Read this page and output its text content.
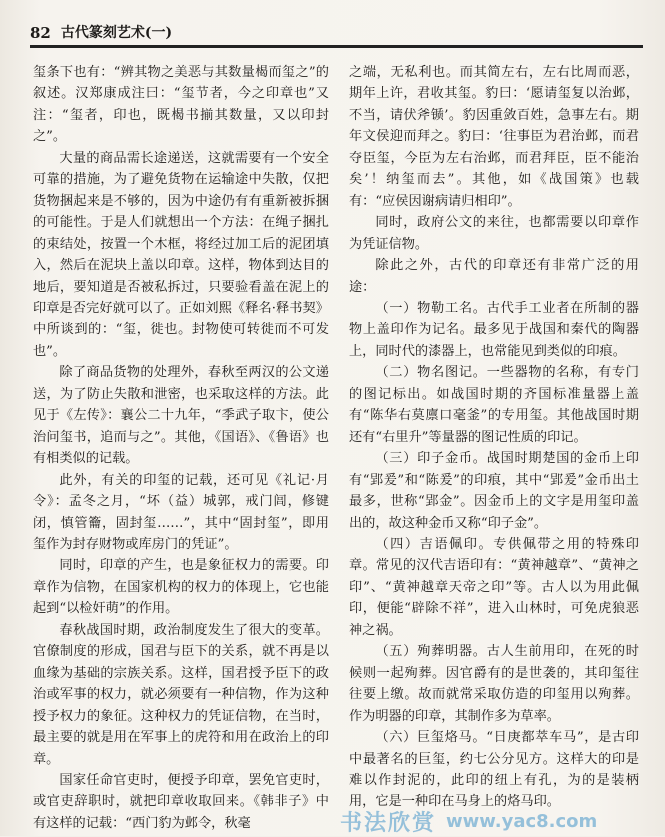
82 古代篆刻艺术(一)

玺条下也有：“辨其物之美恶与其数量楬而玺之”的叙述。汉郑康成注曰：“玺节者，今之印章也”又注：“玺者，印也，既楬书揃其数量，又以印封之”。

大量的商品需长途递送，这就需要有一个安全可靠的措施，为了避免货物在运输途中失散，仅把货物捆起来是不够的，因为中途仍有有重新被拆捆的可能性。于是人们就想出一个方法：在绳子捆扎的束结处，按置一个木框，将经过加工后的泥团填入，然后在泥块上盖以印章。这样，物体到达目的地后，要知道是否被私拆过，只要验看盖在泥上的印章是否完好就可以了。正如刘熙《释名·释书契》中所谈到的：“玺，徙也。封物使可转徙而不可发也”。

除了商品货物的处理外，春秋至两汉的公文递送，为了防止失散和泄密，也采取这样的方法。此见于《左传》：襄公二十九年，“季武子取卞，使公治问玺书，追而与之”。其他，《国语》、《鲁语》也有相类似的记载。

此外，有关的印玺的记载，还可见《礼记·月令》：孟冬之月，“坏（益）城郭，戒门闾，修键闭，慎管籥，固封玺……”，其中“固封玺”，即用玺作为封存财物或库房门的凭证”。

同时，印章的产生，也是象征权力的需要。印章作为信物，在国家机构的权力的体现上，它也能起到“以检奸萌”的作用。

春秋战国时期，政治制度发生了很大的变革。官僚制度的形成，国君与臣下的关系，就不再是以血缘为基础的宗族关系。这样，国君授予臣下的政治或军事的权力，就必须要有一种信物，作为这种授予权力的象征。这种权力的凭证信物，在当时，最主要的就是用在军事上的虎符和用在政治上的印章。

国家任命官吏时，便授予印章，罢免官吏时，或官吏辞职时，就把印章收取回来。《韩非子》中有这样的记载：“西门豹为邺令，秋毫

之端，无私利也。而其简左右，左右比周而恶，期年上许，君收其玺。豹曰：‘愿请玺复以治邺，不当，请伏斧锧’。豹因重敛百姓，急事左右。期年文侯迎而拜之。豹曰：‘往事臣为君治邺，而君夺臣玺，今臣为左右治邺，而君拜臣，臣不能治矣’！纳玺而去”。其他，如《战国策》也载有：“应侯因谢病请归相印”。

同时，政府公文的来往，也都需要以印章作为凭证信物。

除此之外，古代的印章还有非常广泛的用途：

（一）物勒工名。古代手工业者在所制的器物上盖印作为记名。最多见于战国和秦代的陶器上，同时代的漆器上，也常能见到类似的印痕。

（二）物名图记。一些器物的名称，有专门的图记标出。如战国时期的齐国标准量器上盖有“陈华右莫廪口毫釜”的专用玺。其他战国时期还有“右里升”等量器的图记性质的印记。

（三）印子金币。战国时期楚国的金币上印有“郢爰”和“陈爰”的印痕，其中“郢爰”金币出土最多，世称“郢金”。因金币上的文字是用玺印盖出的，故这种金币又称“印子金”。

（四）吉语佩印。专供佩带之用的特殊印章。常见的汉代吉语印有：“黄神越章”、“黄神之印”、“黄神越章天帝之印”等。古人以为用此佩印，便能“辟除不祥”，进入山林时，可免虎狼恶神之祸。

（五）殉葬明器。古人生前用印，在死的时候则一起殉葬。因官爵有的是世袭的，其印玺往往要上缴。故而就常采取仿造的印玺用以殉葬。作为明器的印章，其制作多为草率。

（六）巨玺烙马。“日庚都萃车马”，是古印中最著名的巨玺，约七公分见方。这样大的印是难以作封泥的，此印的纽上有孔，为的是装柄用，它是一种印在马身上的烙马印。

书法欣赏 www.yac8.com
